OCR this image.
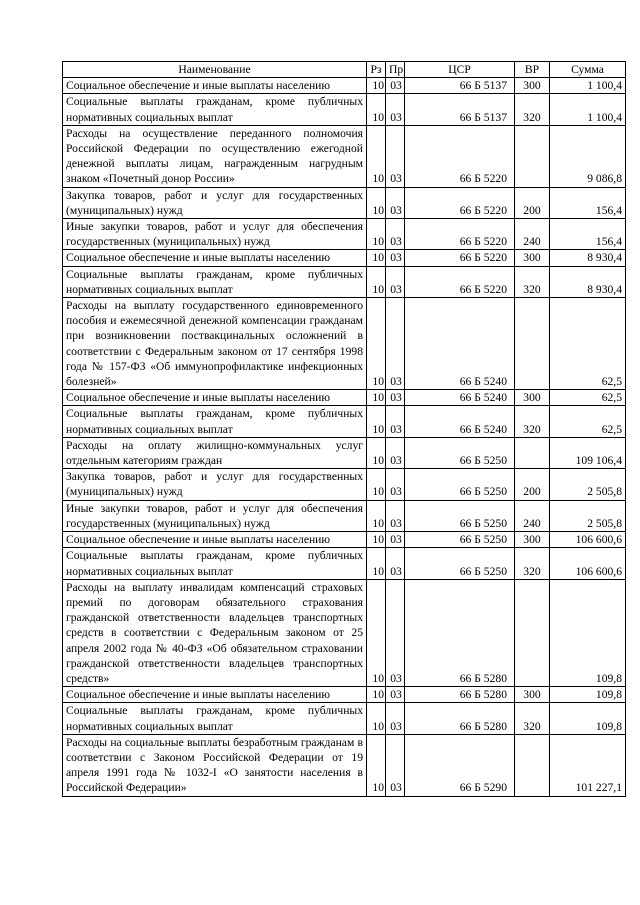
Наименование	Рз	Пр	ЦСР	ВР	Сумма
Социальное обеспечение и иные выплаты населению	10	03	66 Б 5137	300	1 100,4
Социальные выплаты гражданам, кроме публичных нормативных социальных выплат	10	03	66 Б 5137	320	1 100,4
Расходы на осуществление переданного полномочия Российской Федерации по осуществлению ежегодной денежной выплаты лицам, награжденным нагрудным знаком «Почетный донор России»	10	03	66 Б 5220		9 086,8
Закупка товаров, работ и услуг для государственных (муниципальных) нужд	10	03	66 Б 5220	200	156,4
Иные закупки товаров, работ и услуг для обеспечения государственных (муниципальных) нужд	10	03	66 Б 5220	240	156,4
Социальное обеспечение и иные выплаты населению	10	03	66 Б 5220	300	8 930,4
Социальные выплаты гражданам, кроме публичных нормативных социальных выплат	10	03	66 Б 5220	320	8 930,4
Расходы на выплату государственного единовременного пособия и ежемесячной денежной компенсации гражданам при возникновении поствакцинальных осложнений в соответствии с Федеральным законом от 17 сентября 1998 года № 157-ФЗ «Об иммунопрофилактике инфекционных болезней»	10	03	66 Б 5240		62,5
Социальное обеспечение и иные выплаты населению	10	03	66 Б 5240	300	62,5
Социальные выплаты гражданам, кроме публичных нормативных социальных выплат	10	03	66 Б 5240	320	62,5
Расходы на оплату жилищно-коммунальных услуг отдельным категориям граждан	10	03	66 Б 5250		109 106,4
Закупка товаров, работ и услуг для государственных (муниципальных) нужд	10	03	66 Б 5250	200	2 505,8
Иные закупки товаров, работ и услуг для обеспечения государственных (муниципальных) нужд	10	03	66 Б 5250	240	2 505,8
Социальное обеспечение и иные выплаты населению	10	03	66 Б 5250	300	106 600,6
Социальные выплаты гражданам, кроме публичных нормативных социальных выплат	10	03	66 Б 5250	320	106 600,6
Расходы на выплату инвалидам компенсаций страховых премий по договорам обязательного страхования гражданской ответственности владельцев транспортных средств в соответствии с Федеральным законом от 25 апреля 2002 года № 40-ФЗ «Об обязательном страховании гражданской ответственности владельцев транспортных средств»	10	03	66 Б 5280		109,8
Социальное обеспечение и иные выплаты населению	10	03	66 Б 5280	300	109,8
Социальные выплаты гражданам, кроме публичных нормативных социальных выплат	10	03	66 Б 5280	320	109,8
Расходы на социальные выплаты безработным гражданам в соответствии с Законом Российской Федерации от 19 апреля 1991 года № 1032-I «О занятости населения в Российской Федерации»	10	03	66 Б 5290		101 227,1
